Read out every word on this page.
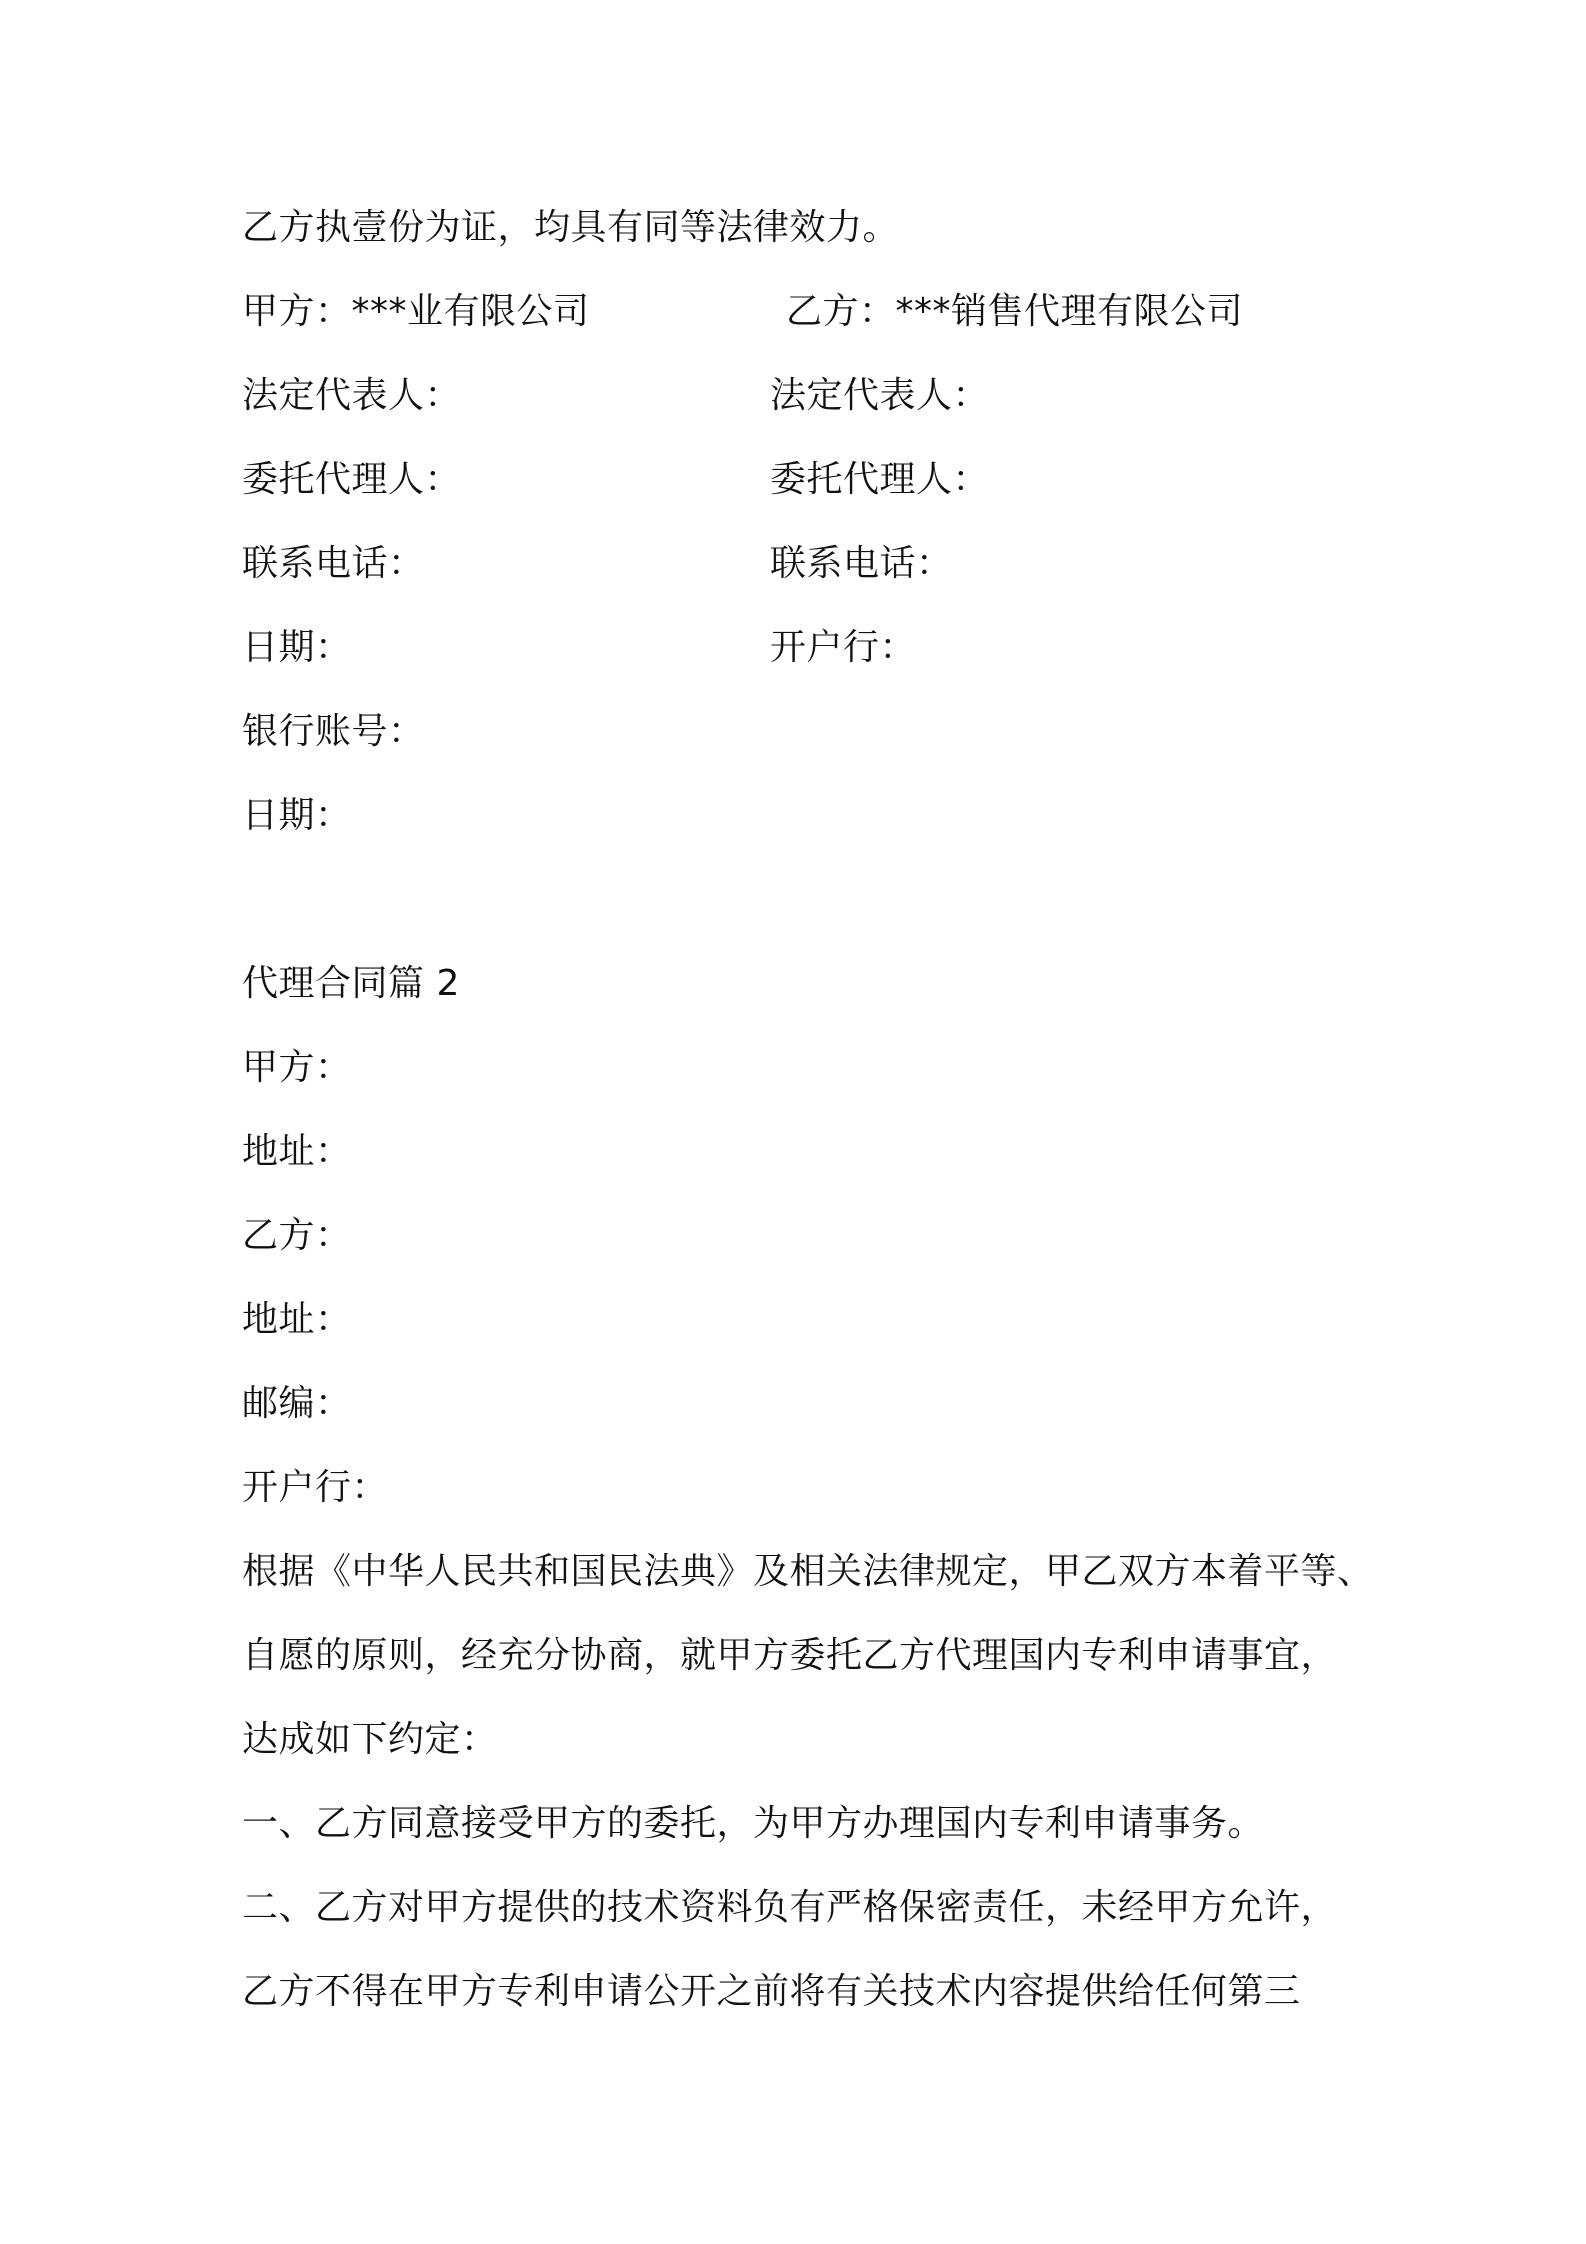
乙方执壹份为证，均具有同等法律效力。
甲方：***业有限公司	乙方：***销售代理有限公司
法定代表人：	法定代表人：
委托代理人：	委托代理人：
联系电话：	联系电话：
日期：	开户行：
银行账号：
日期：
代理合同篇 2
甲方：
地址：
乙方：
地址：
邮编：
开户行：
根据《中华人民共和国民法典》及相关法律规定，甲乙双方本着平等、
自愿的原则，经充分协商，就甲方委托乙方代理国内专利申请事宜，
达成如下约定：
一、乙方同意接受甲方的委托，为甲方办理国内专利申请事务。
二、乙方对甲方提供的技术资料负有严格保密责任，未经甲方允许，
乙方不得在甲方专利申请公开之前将有关技术内容提供给任何第三
